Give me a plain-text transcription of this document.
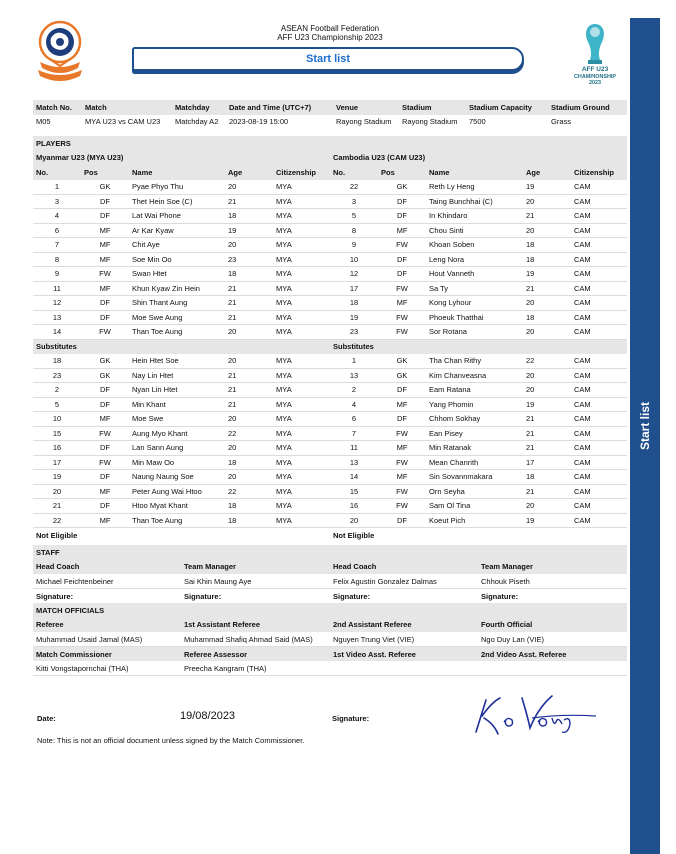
Start list
ASEAN Football Federation
AFF U23 Championship 2023
Start list
AFF U23
CHAMPIONSHIP
2023
Match No.	Match	Matchday	Date and Time (UTC+7)	Venue	Stadium	Stadium Capacity	Stadium Ground
M05	MYA U23 vs CAM U23	Matchday A2	2023-08-19 15:00	Rayong Stadium	Rayong Stadium	7500	Grass
PLAYERS									
Myanmar U23 (MYA U23)					Cambodia U23 (CAM U23)				
No.	Pos	Name	Age	Citizenship	No.	Pos	Name	Age	Citizenship
1	GK	Pyae Phyo Thu	20	MYA	22	GK	Reth Ly Heng	19	CAM
3	DF	Thet Hein Soe (C)	21	MYA	3	DF	Taing Bunchhai (C)	20	CAM
4	DF	Lat Wai Phone	18	MYA	5	DF	In Khindaro	21	CAM
6	MF	Ar Kar Kyaw	19	MYA	8	MF	Chou Sinti	20	CAM
7	MF	Chit Aye	20	MYA	9	FW	Khoan Soben	18	CAM
8	MF	Soe Min Oo	23	MYA	10	DF	Leng Nora	18	CAM
9	FW	Swan Htet	18	MYA	12	DF	Hout Vanneth	19	CAM
11	MF	Khun Kyaw Zin Hein	21	MYA	17	FW	Sa Ty	21	CAM
12	DF	Shin Thant Aung	21	MYA	18	MF	Kong Lyhour	20	CAM
13	DF	Moe Swe Aung	21	MYA	19	FW	Phoeuk Thatthai	18	CAM
14	FW	Than Toe Aung	20	MYA	23	FW	Sor Rotana	20	CAM
Substitutes					Substitutes				
18	GK	Hein Htet Soe	20	MYA	1	GK	Tha Chan Rithy	22	CAM
23	GK	Nay Lin Htet	21	MYA	13	GK	Kim Chanveasna	20	CAM
2	DF	Nyan Lin Htet	21	MYA	2	DF	Eam Ratana	20	CAM
5	DF	Min Khant	21	MYA	4	MF	Yang Phomin	19	CAM
10	MF	Moe Swe	20	MYA	6	DF	Chhom Sokhay	21	CAM
15	FW	Aung Myo Khant	22	MYA	7	FW	Ean Pisey	21	CAM
16	DF	Lan Sann Aung	20	MYA	11	MF	Min Ratanak	21	CAM
17	FW	Min Maw Oo	18	MYA	13	FW	Mean Chanrith	17	CAM
19	DF	Naung Naung Soe	20	MYA	14	MF	Sin Sovannmakara	18	CAM
20	MF	Peter Aung Wai Htoo	22	MYA	15	FW	Orn Seyha	21	CAM
21	DF	Htoo Myat Khant	18	MYA	16	FW	Sam Ol Tina	20	CAM
22	MF	Than Toe Aung	18	MYA	20	DF	Koeut Pich	19	CAM
Not Eligible					Not Eligible				
STAFF			
Head Coach	Team Manager	Head Coach	Team Manager
Michael Feichtenbeiner	Sai Khin Maung Aye	Felix Agustin Gonzalez Dalmas	Chhouk Piseth
Signature:	Signature:	Signature:	Signature:
MATCH OFFICIALS			
Referee	1st Assistant Referee	2nd Assistant Referee	Fourth Official
Muhammad Usaid Jamal (MAS)	Muhammad Shafiq Ahmad Said (MAS)	Nguyen Trung Viet (VIE)	Ngo Duy Lan (VIE)
Match Commissioner	Referee Assessor	1st Video Asst. Referee	2nd Video Asst. Referee
Kitti Vongstapornchai (THA)	Preecha Kangram (THA)		
Date:	19/08/2023	Signature:
Ko Vong
Note: This is not an official document unless signed by the Match Commissioner.
